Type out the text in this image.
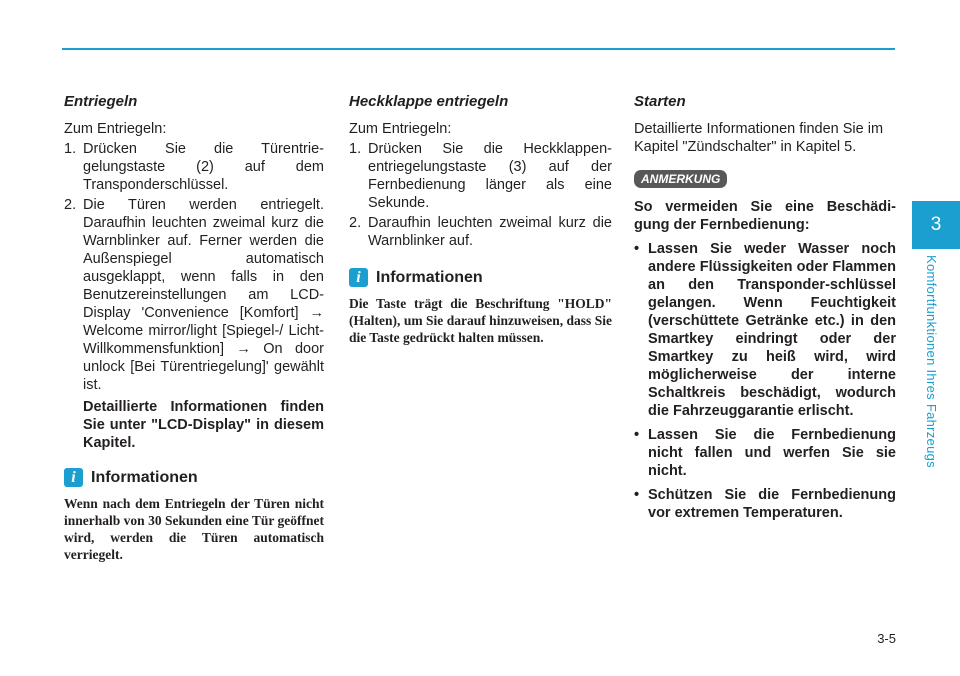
Entriegeln

Zum Entriegeln:

1. Drücken Sie die Türentrie-gelungstaste (2) auf dem Transponderschlüssel.
2. Die Türen werden entriegelt. Daraufhin leuchten zweimal kurz die Warnblinker auf. Ferner werden die Außenspiegel automatisch ausgeklappt, wenn falls in den Benutzereinstellungen am LCD-Display 'Convenience [Komfort] → Welcome mirror/light [Spiegel-/ Licht-Willkommensfunktion] → On door unlock [Bei Türentriegelung]' gewählt ist.

Detaillierte Informationen finden Sie unter "LCD-Display" in diesem Kapitel.

i Informationen

Wenn nach dem Entriegeln der Türen nicht innerhalb von 30 Sekunden eine Tür geöffnet wird, werden die Türen automatisch verriegelt.

Heckklappe entriegeln

Zum Entriegeln:

1. Drücken Sie die Heckklappen-entriegelungstaste (3) auf der Fernbedienung länger als eine Sekunde.
2. Daraufhin leuchten zweimal kurz die Warnblinker auf.
i Informationen

Die Taste trägt die Beschriftung "HOLD" (Halten), um Sie darauf hinzuweisen, dass Sie die Taste gedrückt halten müssen.

Starten

Detaillierte Informationen finden Sie im Kapitel "Zündschalter" in Kapitel 5.

ANMERKUNG

So vermeiden Sie eine Beschädi-gung der Fernbedienung:

• Lassen Sie weder Wasser noch andere Flüssigkeiten oder Flammen an den Transponder-schlüssel gelangen. Wenn Feuchtigkeit (verschüttete Getränke etc.) in den Smartkey eindringt oder der Smartkey zu heiß wird, wird möglicherweise der interne Schaltkreis beschädigt, wodurch die Fahrzeuggarantie erlischt.
• Lassen Sie die Fernbedienung nicht fallen und werfen Sie sie nicht.
• Schützen Sie die Fernbedienung vor extremen Temperaturen.
3
Komfortfunktionen Ihres Fahrzeugs
3-5
